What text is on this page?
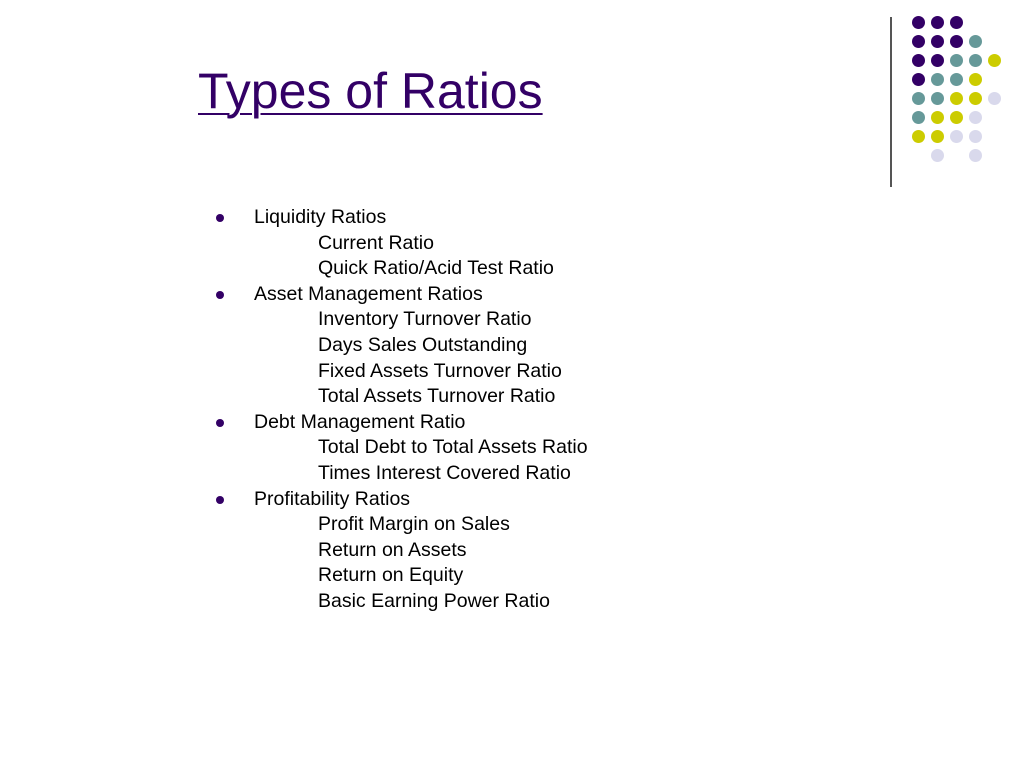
Types of Ratios
Liquidity Ratios
Current Ratio
Quick Ratio/Acid Test Ratio
Asset Management Ratios
Inventory Turnover Ratio
Days Sales Outstanding
Fixed Assets Turnover Ratio
Total Assets Turnover Ratio
Debt Management Ratio
Total Debt to Total Assets Ratio
Times Interest Covered Ratio
Profitability Ratios
Profit Margin on Sales
Return on Assets
Return on Equity
Basic Earning Power Ratio
